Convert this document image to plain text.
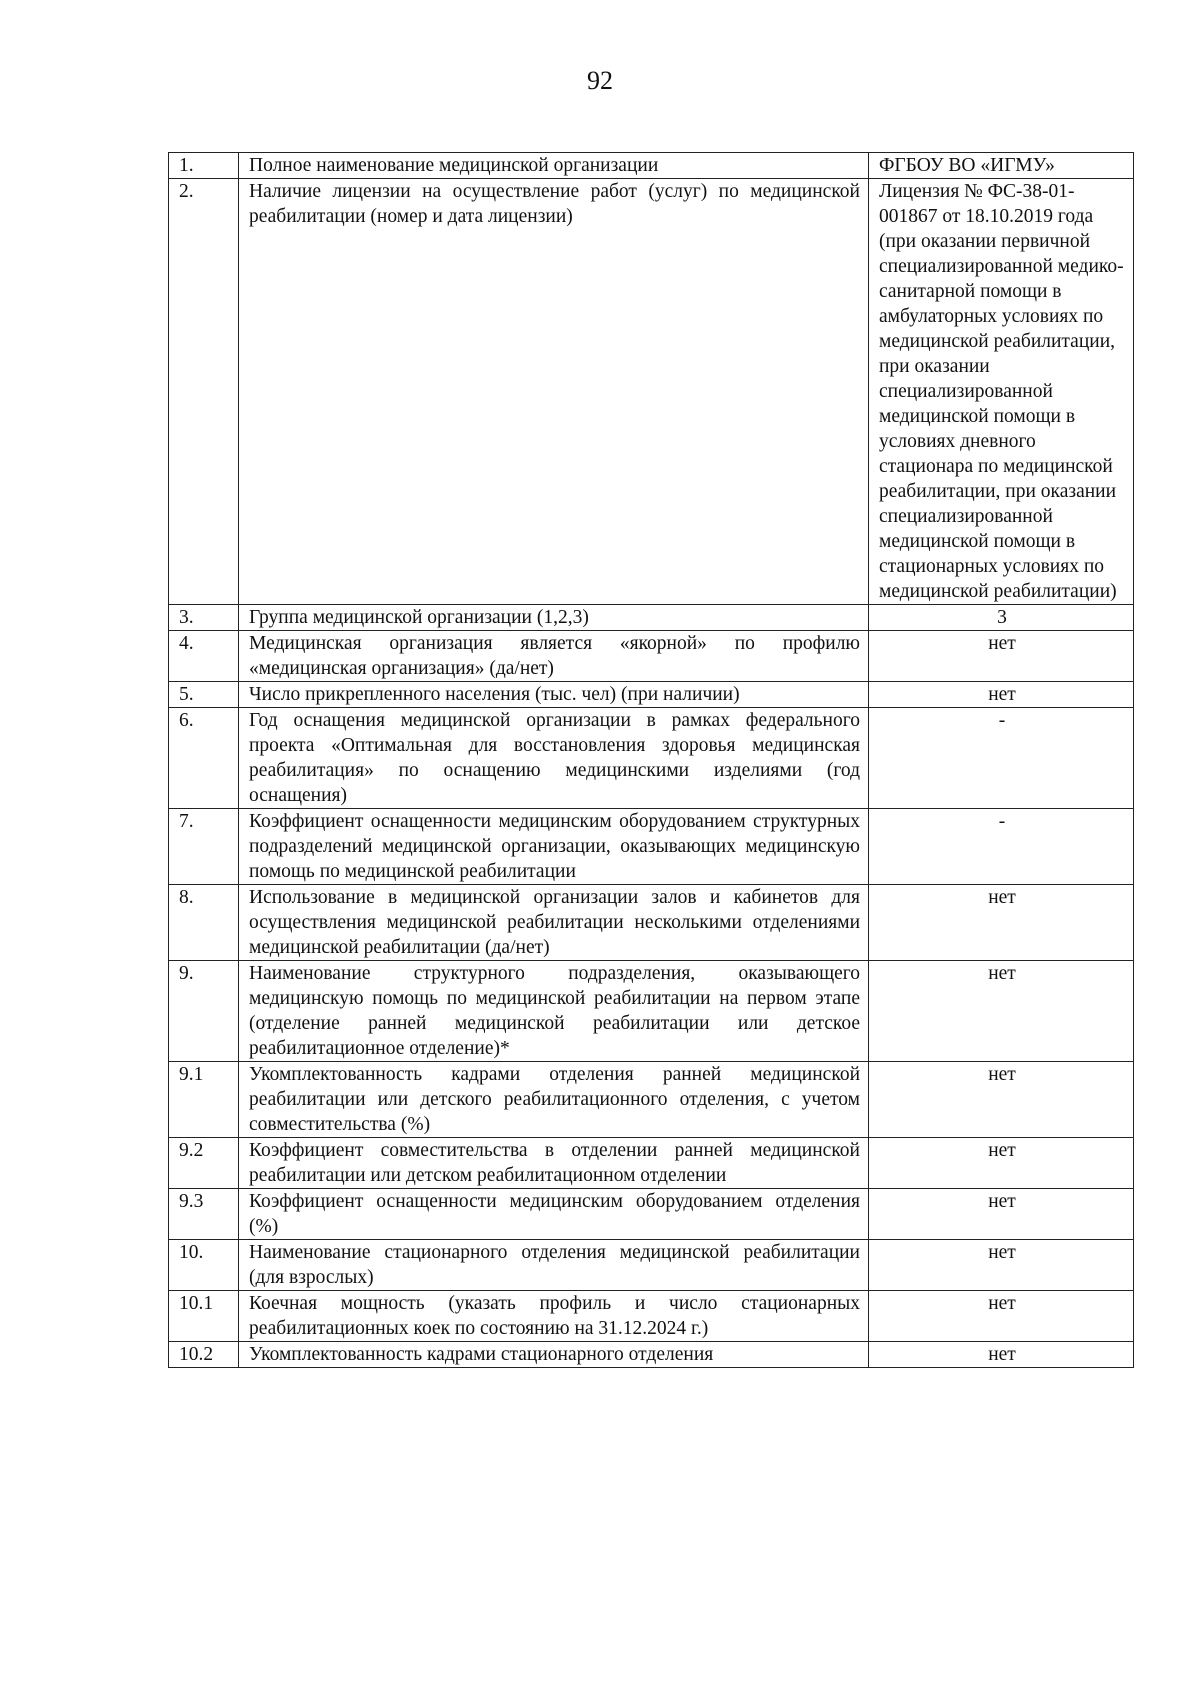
92
1.	Полное наименование медицинской организации	ФГБОУ ВО «ИГМУ»
2.	Наличие лицензии на осуществление работ (услуг) по медицинской реабилитации (номер и дата лицензии)	Лицензия № ФС-38-01-001867 от 18.10.2019 года (при оказании первичной специализированной медико-санитарной помощи в амбулаторных условиях по медицинской реабилитации, при оказании специализированной медицинской помощи в условиях дневного стационара по медицинской реабилитации, при оказании специализированной медицинской помощи в стационарных условиях по медицинской реабилитации)
3.	Группа медицинской организации (1,2,3)	3
4.	Медицинская организация является «якорной» по профилю «медицинская организация» (да/нет)	нет
5.	Число прикрепленного населения (тыс. чел) (при наличии)	нет
6.	Год оснащения медицинской организации в рамках федерального проекта «Оптимальная для восстановления здоровья медицинская реабилитация» по оснащению медицинскими изделиями (год оснащения)	-
7.	Коэффициент оснащенности медицинским оборудованием структурных подразделений медицинской организации, оказывающих медицинскую помощь по медицинской реабилитации	-
8.	Использование в медицинской организации залов и кабинетов для осуществления медицинской реабилитации несколькими отделениями медицинской реабилитации (да/нет)	нет
9.	Наименование структурного подразделения, оказывающего медицинскую помощь по медицинской реабилитации на первом этапе (отделение ранней медицинской реабилитации или детское реабилитационное отделение)*	нет
9.1	Укомплектованность кадрами отделения ранней медицинской реабилитации или детского реабилитационного отделения, с учетом совместительства (%)	нет
9.2	Коэффициент совместительства в отделении ранней медицинской реабилитации или детском реабилитационном отделении	нет
9.3	Коэффициент оснащенности медицинским оборудованием отделения (%)	нет
10.	Наименование стационарного отделения медицинской реабилитации (для взрослых)	нет
10.1	Коечная мощность (указать профиль и число стационарных реабилитационных коек по состоянию на 31.12.2024 г.)	нет
10.2	Укомплектованность кадрами стационарного отделения	нет
